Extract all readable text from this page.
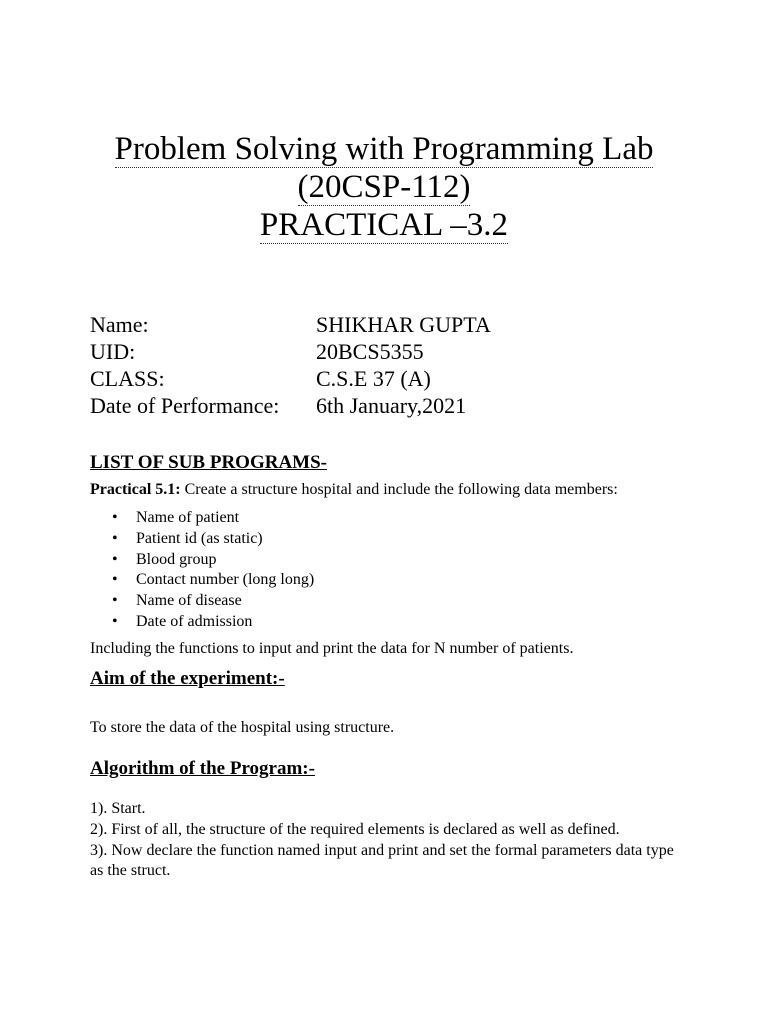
Problem Solving with Programming Lab
(20CSP-112)
PRACTICAL –3.2
Name:	SHIKHAR GUPTA
UID:	20BCS5355
CLASS:	C.S.E 37 (A)
Date of Performance:	6th January,2021
LIST OF SUB PROGRAMS-
Practical 5.1: Create a structure hospital and include the following data members:
• Name of patient
• Patient id (as static)
• Blood group
• Contact number (long long)
• Name of disease
• Date of admission
Including the functions to input and print the data for N number of patients.
Aim of the experiment:-
To store the data of the hospital using structure.
Algorithm of the Program:-
1). Start.
2). First of all, the structure of the required elements is declared as well as defined.
3). Now declare the function named input and print and set the formal parameters data type as the struct.
